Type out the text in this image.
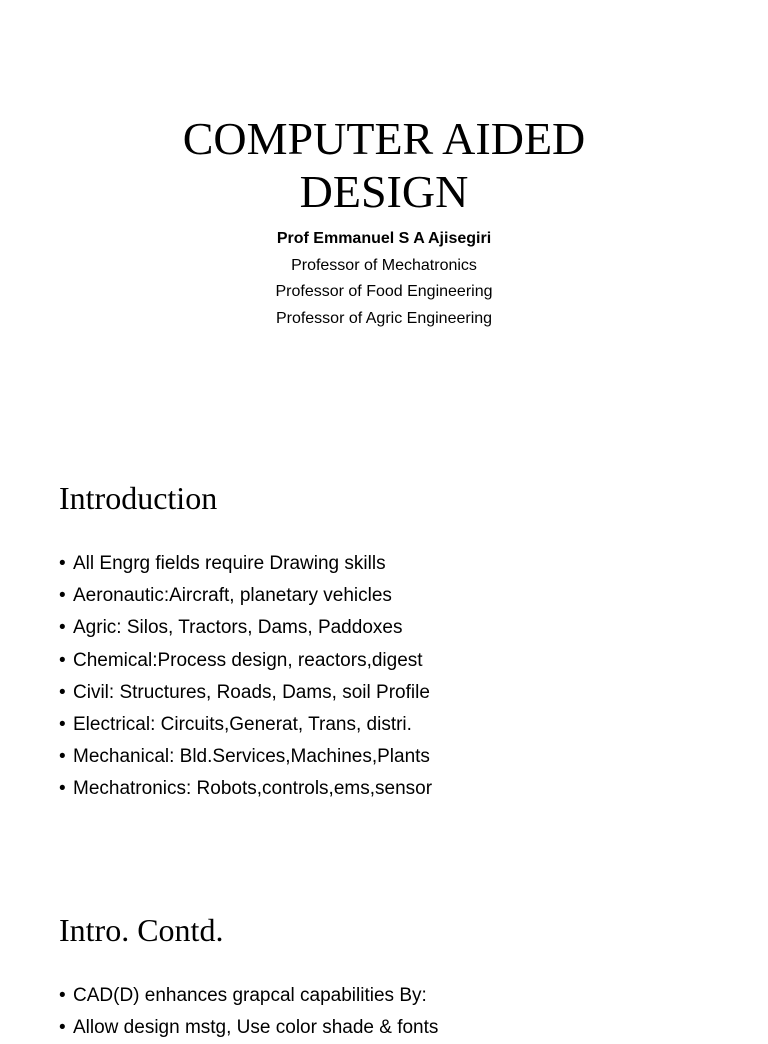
COMPUTER AIDED
DESIGN
Prof Emmanuel S A Ajisegiri
Professor of Mechatronics
Professor of Food Engineering
Professor of Agric Engineering
Introduction
• All Engrg fields require Drawing skills
• Aeronautic:Aircraft, planetary vehicles
• Agric: Silos, Tractors, Dams, Paddoxes
• Chemical:Process design, reactors,digest
• Civil: Structures, Roads, Dams, soil Profile
• Electrical: Circuits,Generat, Trans, distri.
• Mechanical: Bld.Services,Machines,Plants
• Mechatronics: Robots,controls,ems,sensor
Intro. Contd.
• CAD(D) enhances grapcal capabilities By:
• Allow design mstg, Use color shade & fonts
